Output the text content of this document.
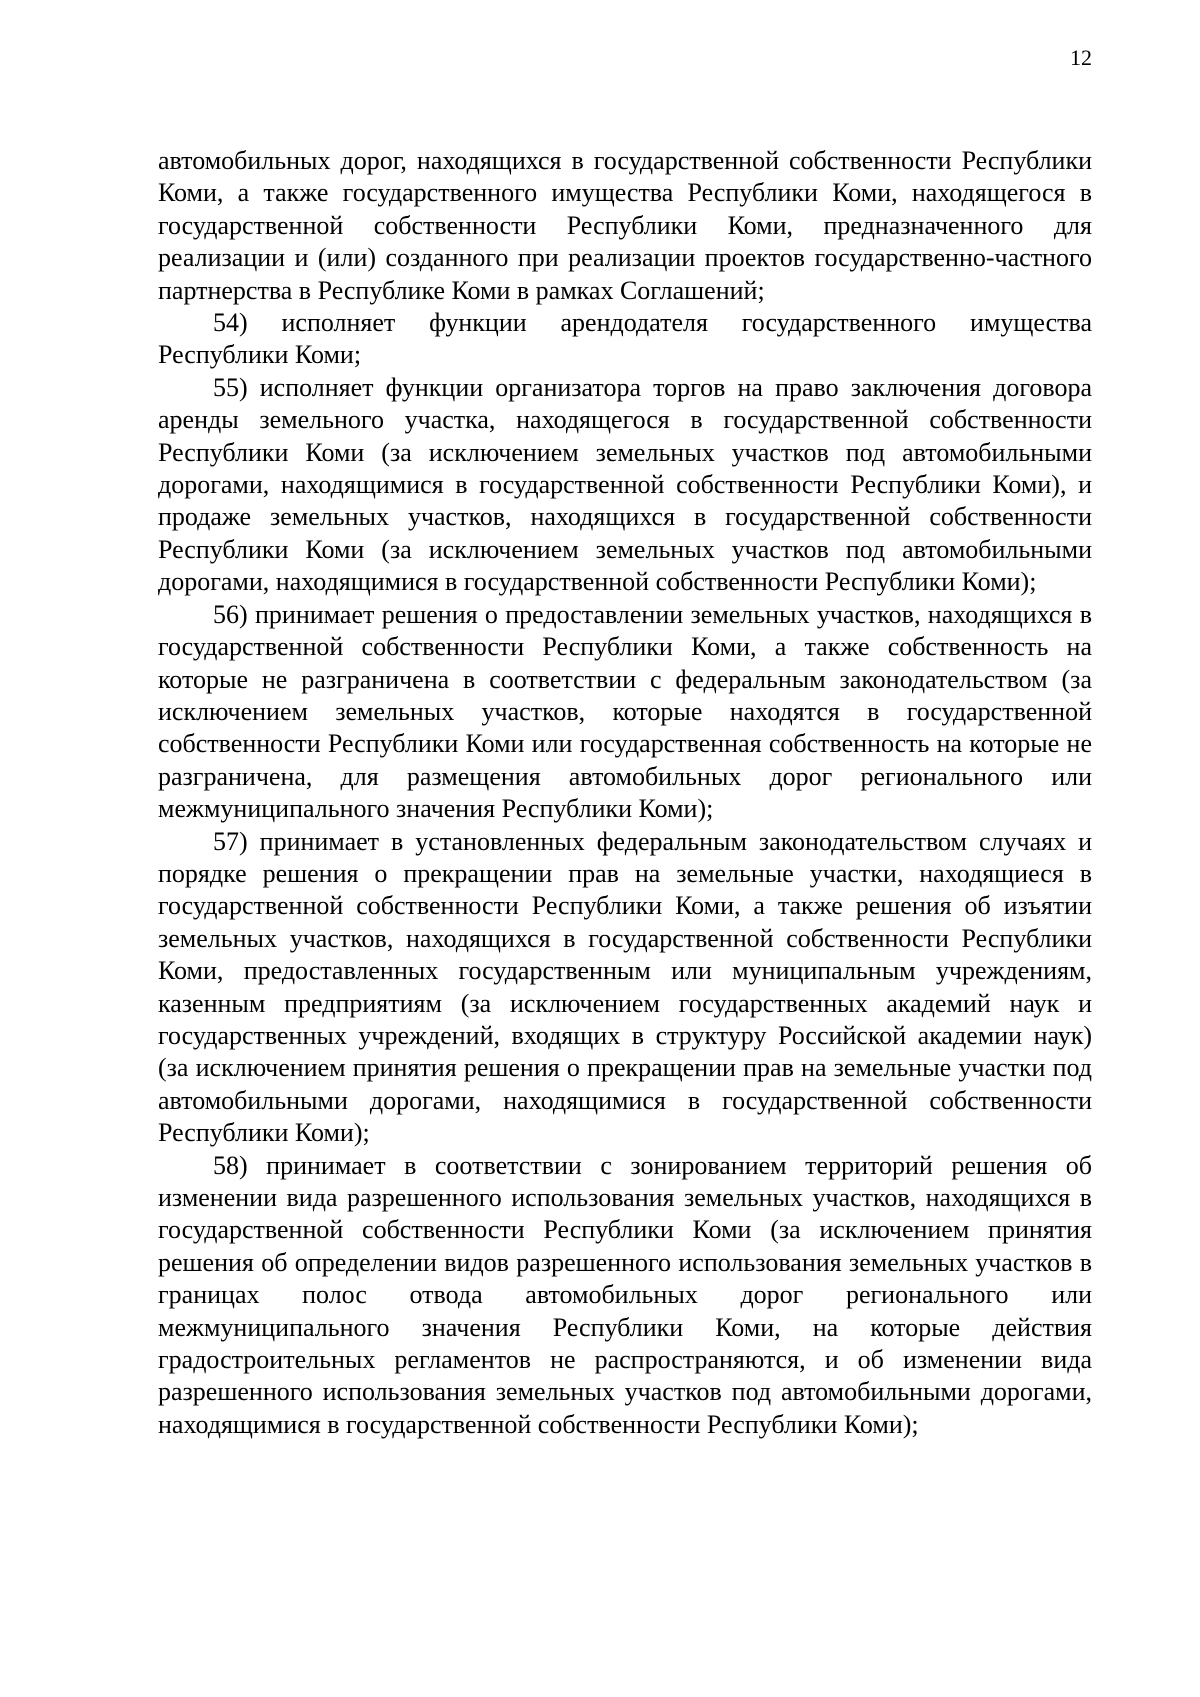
12

автомобильных дорог, находящихся в государственной собственности Республики Коми, а также государственного имущества Республики Коми, находящегося в государственной собственности Республики Коми, предназначенного для реализации и (или) созданного при реализации проектов государственно-частного партнерства в Республике Коми в рамках Соглашений;

54) исполняет функции арендодателя государственного имущества Республики Коми;

55) исполняет функции организатора торгов на право заключения договора аренды земельного участка, находящегося в государственной собственности Республики Коми (за исключением земельных участков под автомобильными дорогами, находящимися в государственной собственности Республики Коми), и продаже земельных участков, находящихся в государственной собственности Республики Коми (за исключением земельных участков под автомобильными дорогами, находящимися в государственной собственности Республики Коми);

56) принимает решения о предоставлении земельных участков, находящихся в государственной собственности Республики Коми, а также собственность на которые не разграничена в соответствии с федеральным законодательством (за исключением земельных участков, которые находятся в государственной собственности Республики Коми или государственная собственность на которые не разграничена, для размещения автомобильных дорог регионального или межмуниципального значения Республики Коми);

57) принимает в установленных федеральным законодательством случаях и порядке решения о прекращении прав на земельные участки, находящиеся в государственной собственности Республики Коми, а также решения об изъятии земельных участков, находящихся в государственной собственности Республики Коми, предоставленных государственным или муниципальным учреждениям, казенным предприятиям (за исключением государственных академий наук и государственных учреждений, входящих в структуру Российской академии наук) (за исключением принятия решения о прекращении прав на земельные участки под автомобильными дорогами, находящимися в государственной собственности Республики Коми);

58) принимает в соответствии с зонированием территорий решения об изменении вида разрешенного использования земельных участков, находящихся в государственной собственности Республики Коми (за исключением принятия решения об определении видов разрешенного использования земельных участков в границах полос отвода автомобильных дорог регионального или межмуниципального значения Республики Коми, на которые действия градостроительных регламентов не распространяются, и об изменении вида разрешенного использования земельных участков под автомобильными дорогами, находящимися в государственной собственности Республики Коми);
